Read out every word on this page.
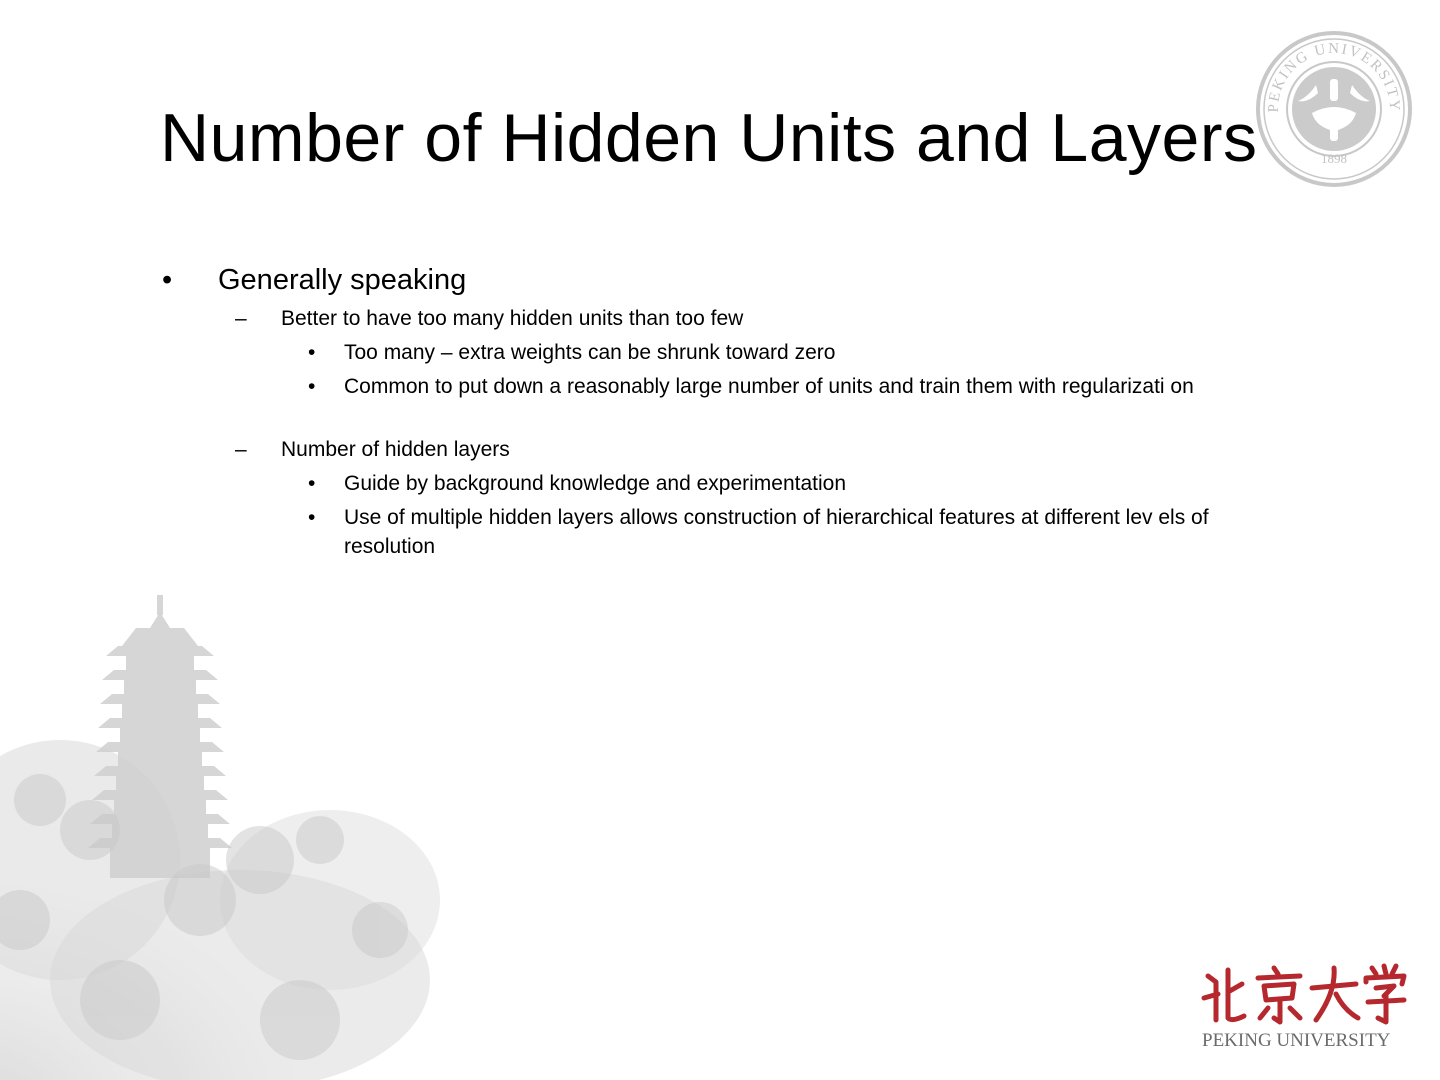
Number of Hidden Units and Layers PEKING UNIVERSITY
1898
• Generally speaking
– Better to have too many hidden units than too few
• Too many – extra weights can be shrunk toward zero
• Common to put down a reasonably large number of units and train them with regularizati on
– Number of hidden layers
• Guide by background knowledge and experimentation
• Use of multiple hidden layers allows construction of hierarchical features at different lev els of resolution
PEKING UNIVERSITY
